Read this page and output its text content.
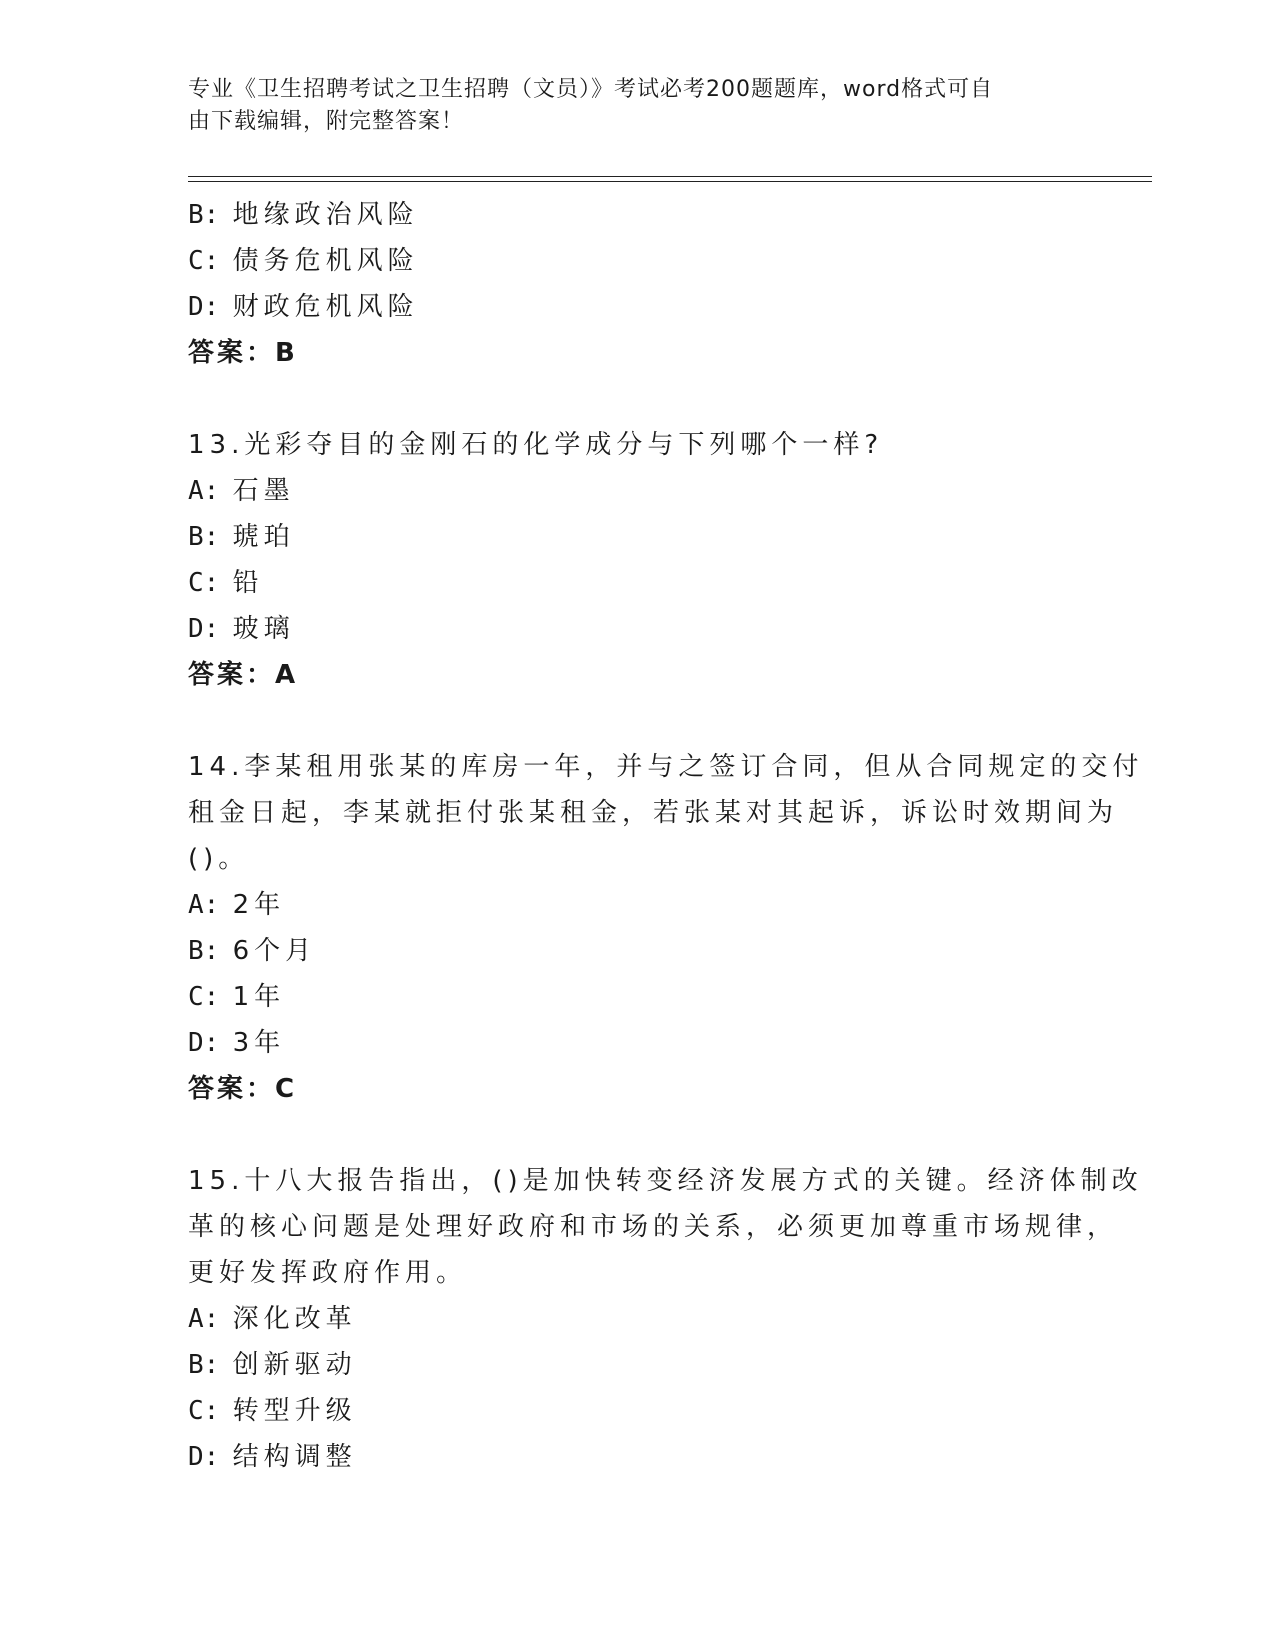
专业《卫生招聘考试之卫生招聘（文员）》考试必考200题题库，word格式可自
由下载编辑，附完整答案！
B: 地缘政治风险
C: 债务危机风险
D: 财政危机风险
答案：B
13.光彩夺目的金刚石的化学成分与下列哪个一样?
A: 石墨
B: 琥珀
C: 铅
D: 玻璃
答案：A
14.李某租用张某的库房一年，并与之签订合同，但从合同规定的交付
租金日起，李某就拒付张某租金，若张某对其起诉，诉讼时效期间为
()。
A: 2年
B: 6个月
C: 1年
D: 3年
答案：C
15.十八大报告指出，()是加快转变经济发展方式的关键。经济体制改
革的核心问题是处理好政府和市场的关系，必须更加尊重市场规律，
更好发挥政府作用。
A: 深化改革
B: 创新驱动
C: 转型升级
D: 结构调整
